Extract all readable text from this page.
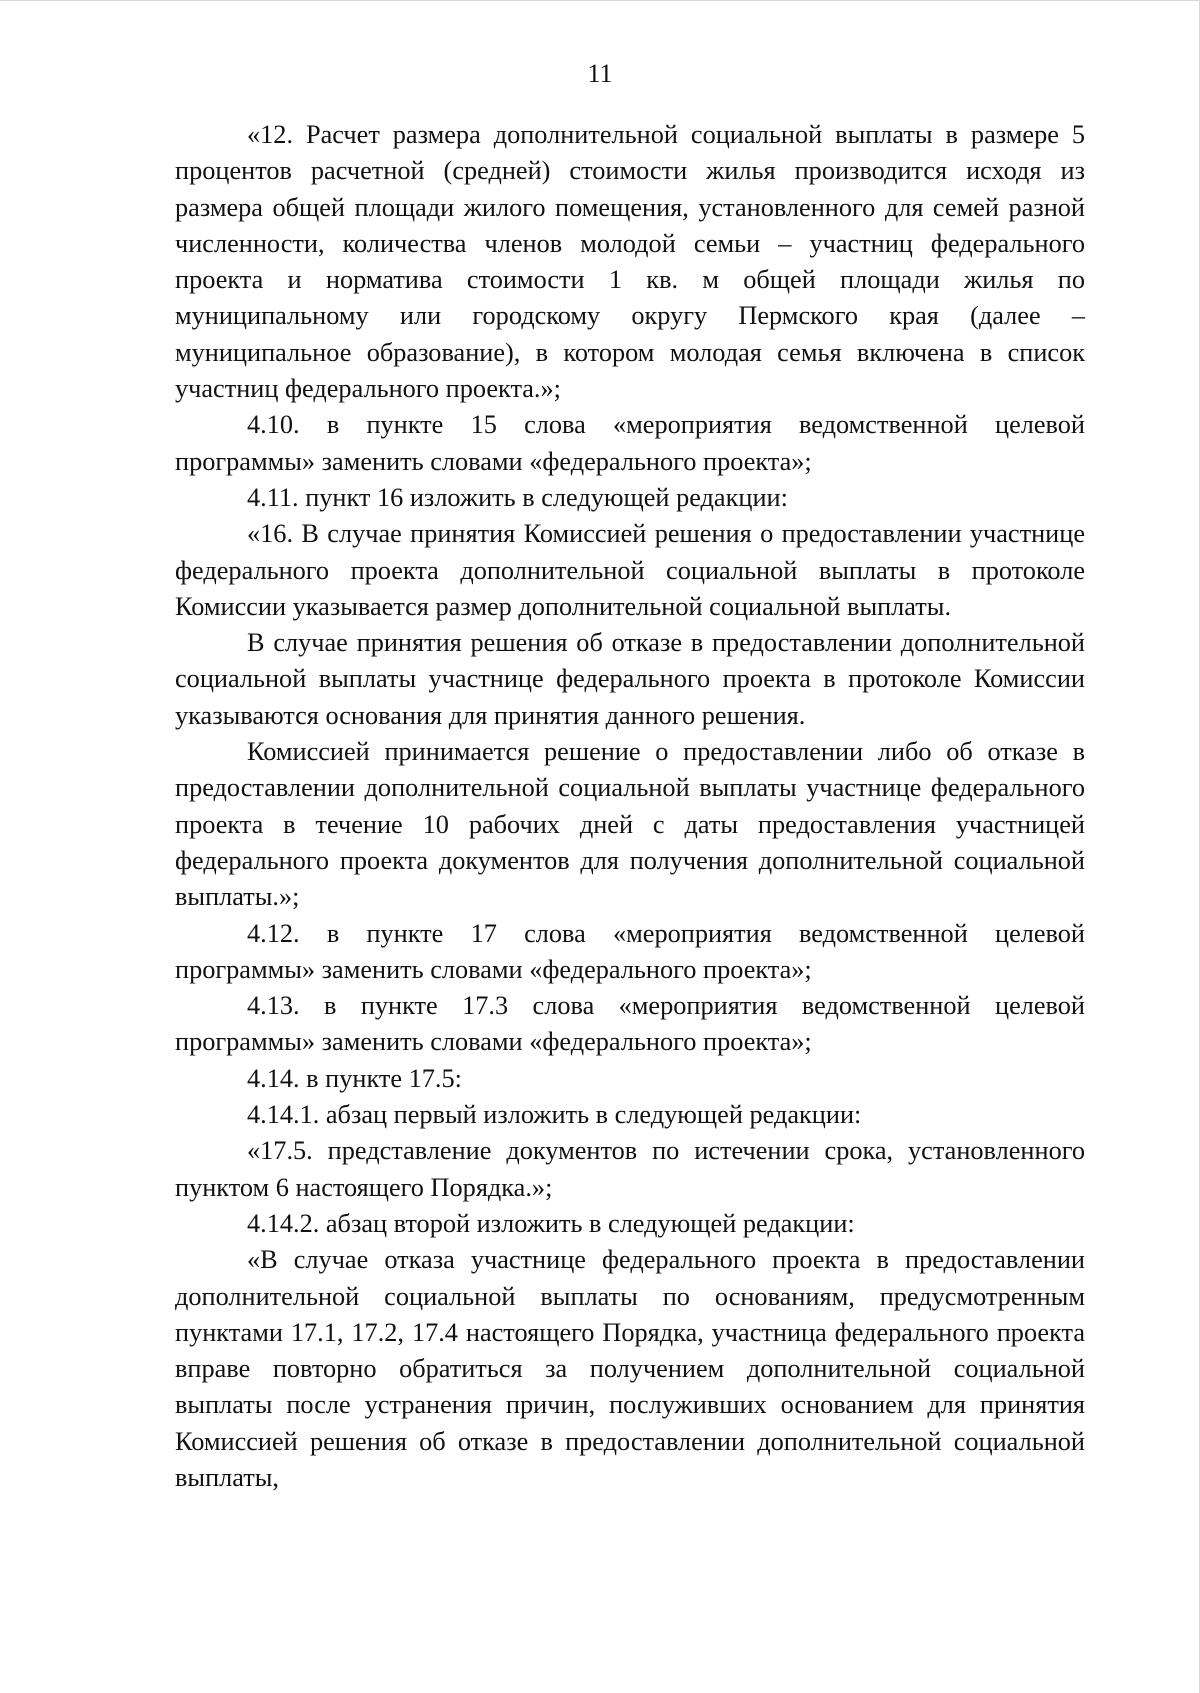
11

«12. Расчет размера дополнительной социальной выплаты в размере 5 процентов расчетной (средней) стоимости жилья производится исходя из размера общей площади жилого помещения, установленного для семей разной численности, количества членов молодой семьи – участниц федерального проекта и норматива стоимости 1 кв. м общей площади жилья по муниципальному или городскому округу Пермского края (далее – муниципальное образование), в котором молодая семья включена в список участниц федерального проекта.»;

4.10. в пункте 15 слова «мероприятия ведомственной целевой программы» заменить словами «федерального проекта»;

4.11. пункт 16 изложить в следующей редакции:

«16. В случае принятия Комиссией решения о предоставлении участнице федерального проекта дополнительной социальной выплаты в протоколе Комиссии указывается размер дополнительной социальной выплаты.

В случае принятия решения об отказе в предоставлении дополнительной социальной выплаты участнице федерального проекта в протоколе Комиссии указываются основания для принятия данного решения.

Комиссией принимается решение о предоставлении либо об отказе в предоставлении дополнительной социальной выплаты участнице федерального проекта в течение 10 рабочих дней с даты предоставления участницей федерального проекта документов для получения дополнительной социальной выплаты.»;

4.12. в пункте 17 слова «мероприятия ведомственной целевой программы» заменить словами «федерального проекта»;

4.13. в пункте 17.3 слова «мероприятия ведомственной целевой программы» заменить словами «федерального проекта»;

4.14. в пункте 17.5:

4.14.1. абзац первый изложить в следующей редакции:

«17.5. представление документов по истечении срока, установленного пунктом 6 настоящего Порядка.»;

4.14.2. абзац второй изложить в следующей редакции:

«В случае отказа участнице федерального проекта в предоставлении дополнительной социальной выплаты по основаниям, предусмотренным пунктами 17.1, 17.2, 17.4 настоящего Порядка, участница федерального проекта вправе повторно обратиться за получением дополнительной социальной выплаты после устранения причин, послуживших основанием для принятия Комиссией решения об отказе в предоставлении дополнительной социальной выплаты,
